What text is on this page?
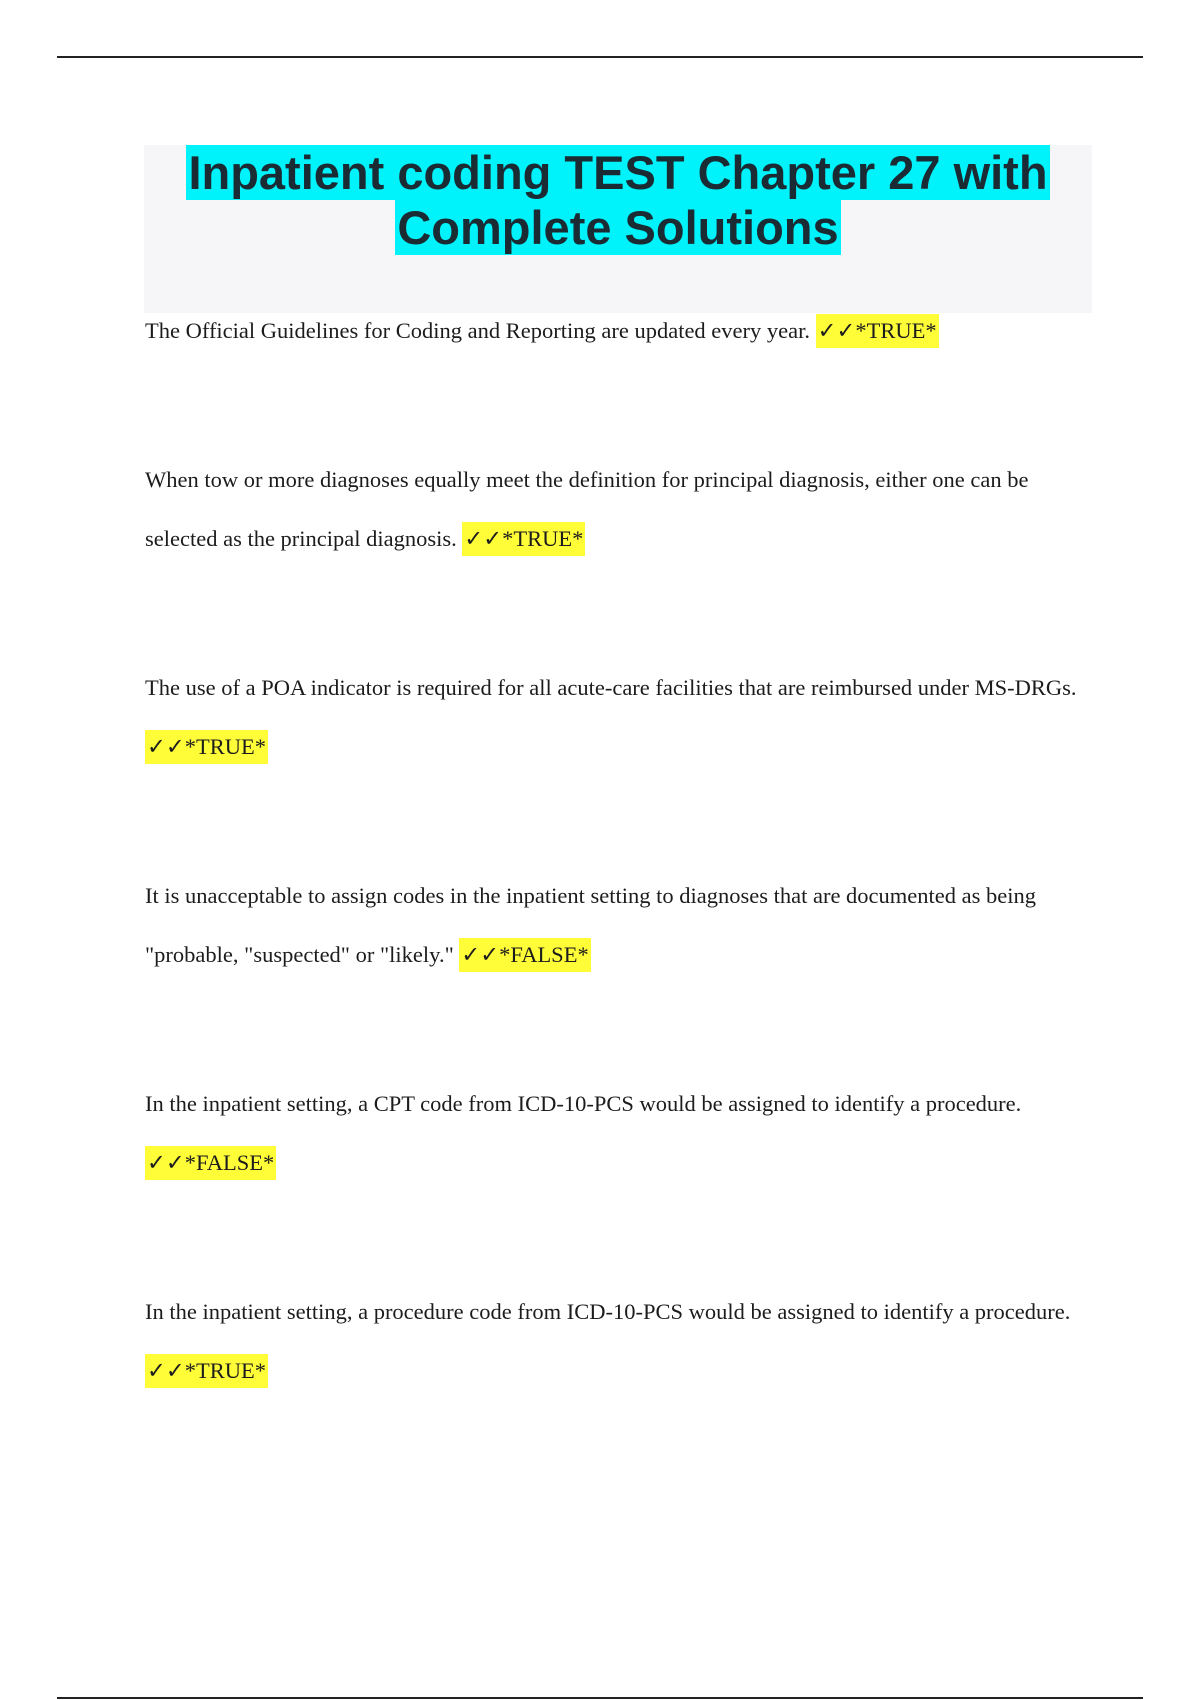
Inpatient coding TEST Chapter 27 with
Complete Solutions
The Official Guidelines for Coding and Reporting are updated every year. ✓✓*TRUE*
When tow or more diagnoses equally meet the definition for principal diagnosis, either one can be selected as the principal diagnosis. ✓✓*TRUE*
The use of a POA indicator is required for all acute-care facilities that are reimbursed under MS-DRGs. ✓✓*TRUE*
It is unacceptable to assign codes in the inpatient setting to diagnoses that are documented as being "probable, "suspected" or "likely." ✓✓*FALSE*
In the inpatient setting, a CPT code from ICD-10-PCS would be assigned to identify a procedure. ✓✓*FALSE*
In the inpatient setting, a procedure code from ICD-10-PCS would be assigned to identify a procedure. ✓✓*TRUE*
